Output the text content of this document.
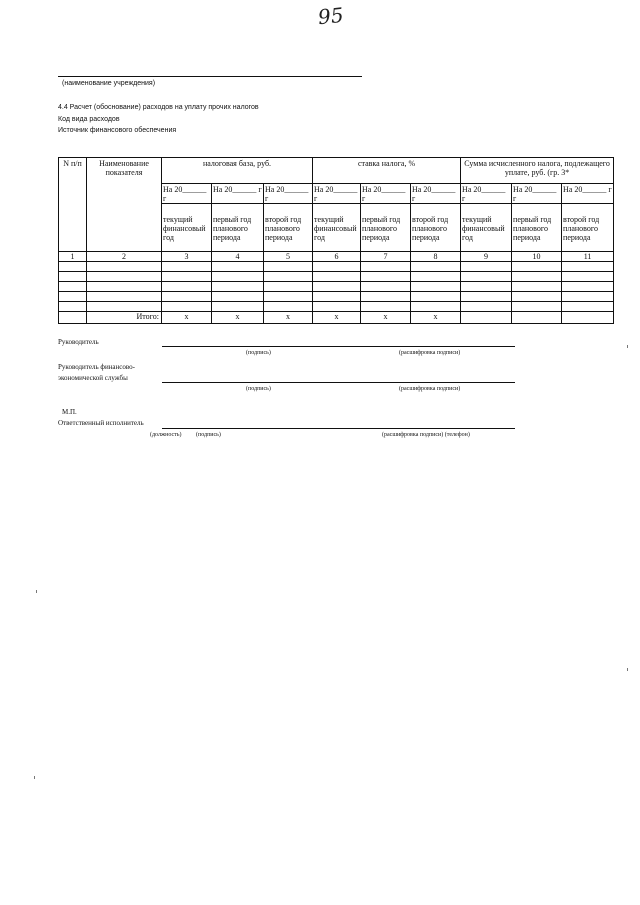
95
(наименование учреждения)
4.4 Расчет (обоснование) расходов на уплату прочих налогов
Код вида расходов
Источник финансового обеспечения
N п/п	Наименование показателя	налоговая база, руб.			ставка налога, %			Сумма исчисленного налога, подлежащего уплате, руб. (гр. 3*		
		На 20______ г	На 20______ г	На 20______ г	На 20______ г	На 20______ г	На 20______ г	На 20______ г	На 20______ г	На 20______ г
		текущий финансовый год	первый год планового периода	второй год планового периода	текущий финансовый год	первый год планового периода	второй год планового периода	текущий финансовый год	первый год планового периода	второй год планового периода
1	2	3	4	5	6	7	8	9	10	11

	Итого:	x	x	x	x	x	x			
Руководитель
(подпись)	(расшифровка подписи)
Руководитель финансово-
экономической службы
(подпись)	(расшифровка подписи)
М.П.
Ответственный исполнитель
(должность) (подпись)	(расшифровка подписи) (телефон)
